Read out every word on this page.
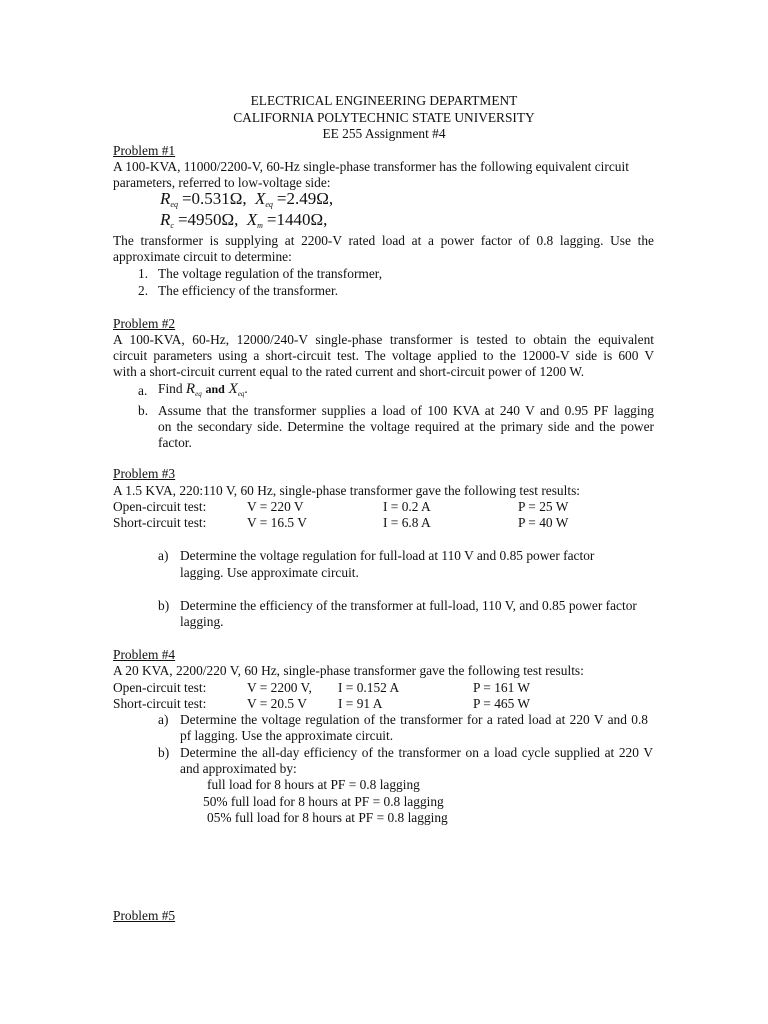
ELECTRICAL ENGINEERING DEPARTMENT
CALIFORNIA POLYTECHNIC STATE UNIVERSITY
EE 255 Assignment #4
Problem #1
A 100-KVA, 11000/2200-V, 60-Hz single-phase transformer has the following equivalent circuit
parameters, referred to low-voltage side:
Req =0.531Ω, Xeq =2.49Ω,
Rc =4950Ω, Xm =1440Ω,
The transformer is supplying at 2200-V rated load at a power factor of 0.8 lagging. Use the
approximate circuit to determine:
1. The voltage regulation of the transformer,
2. The efficiency of the transformer.
Problem #2
A 100-KVA, 60-Hz, 12000/240-V single-phase transformer is tested to obtain the equivalent
circuit parameters using a short-circuit test. The voltage applied to the 12000-V side is 600 V
with a short-circuit current equal to the rated current and short-circuit power of 1200 W.
a. Find $R_{eq}$ and $X_{eq}$.
b. Assume that the transformer supplies a load of 100 KVA at 240 V and 0.95 PF lagging
on the secondary side. Determine the voltage required at the primary side and the power
factor.
Problem #3
A 1.5 KVA, 220:110 V, 60 Hz, single-phase transformer gave the following test results:
Open-circuit test:	V = 220 V	I = 0.2 A	P = 25 W
Short-circuit test:	V = 16.5 V	I = 6.8 A	P = 40 W
a) Determine the voltage regulation for full-load at 110 V and 0.85 power factor
lagging. Use approximate circuit.
b) Determine the efficiency of the transformer at full-load, 110 V, and 0.85 power factor
lagging.
Problem #4
A 20 KVA, 2200/220 V, 60 Hz, single-phase transformer gave the following test results:
Open-circuit test:	V = 2200 V, I = 0.152 A	P = 161 W
Short-circuit test:	V = 20.5 V I = 91 A	P = 465 W
a) Determine the voltage regulation of the transformer for a rated load at 220 V and 0.8
pf lagging. Use the approximate circuit.
b) Determine the all-day efficiency of the transformer on a load cycle supplied at 220 V
and approximated by:
full load for 8 hours at PF = 0.8 lagging
50% full load for 8 hours at PF = 0.8 lagging
05% full load for 8 hours at PF = 0.8 lagging
Problem #5
